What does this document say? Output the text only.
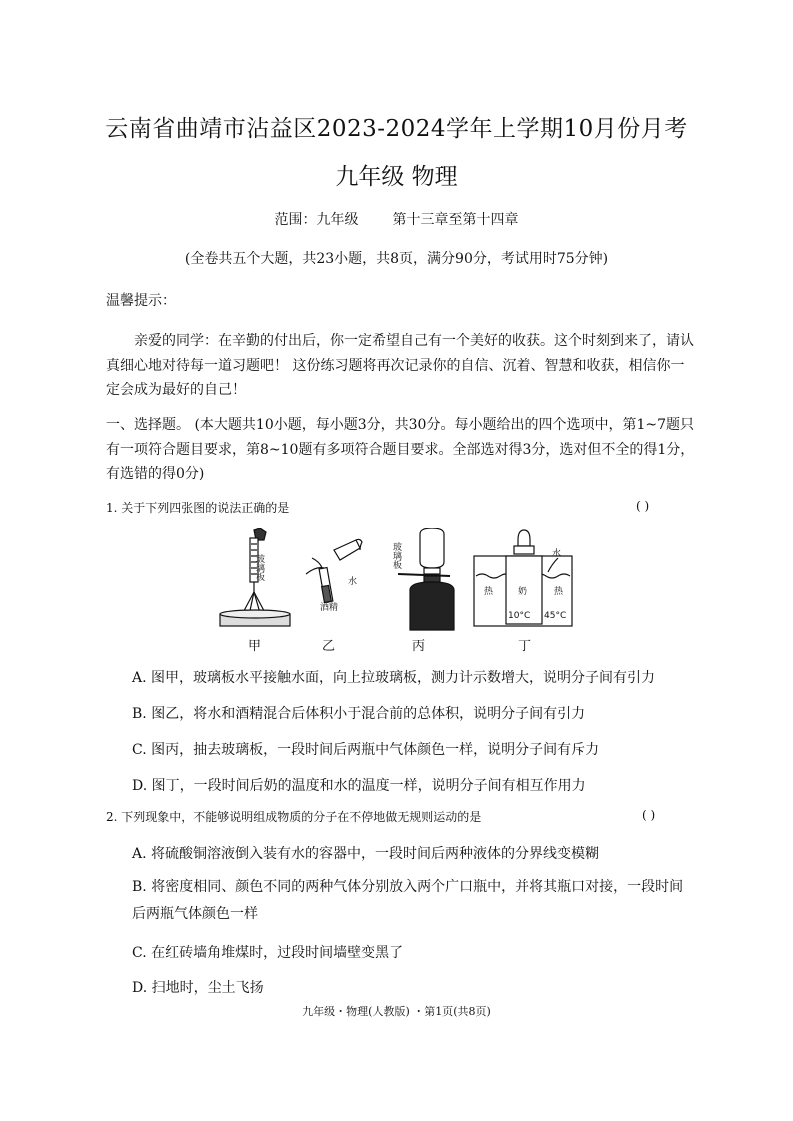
云南省曲靖市沾益区2023-2024学年上学期10月份月考
九年级 物理
范围：九年级 第十三章至第十四章
(全卷共五个大题，共23小题，共8页，满分90分，考试用时75分钟)
温馨提示：
亲爱的同学：在辛勤的付出后，你一定希望自己有一个美好的收获。这个时刻到来了，请认真细心地对待每一道习题吧！ 这份练习题将再次记录你的自信、沉着、智慧和收获，相信你一定会成为最好的自己！
一、选择题。 (本大题共10小题，每小题3分，共30分。每小题给出的四个选项中，第1~7题只有一项符合题目要求，第8~10题有多项符合题目要求。全部选对得3分，选对但不全的得1分，有选错的得0分)
1. 关于下列四张图的说法正确的是	( )
玻璃板
水
酒精
玻璃板	水
热	奶	热
10°C 45°C
甲	乙	丙	丁
A. 图甲，玻璃板水平接触水面，向上拉玻璃板，测力计示数增大，说明分子间有引力
B. 图乙，将水和酒精混合后体积小于混合前的总体积，说明分子间有引力
C. 图丙，抽去玻璃板，一段时间后两瓶中气体颜色一样，说明分子间有斥力
D. 图丁，一段时间后奶的温度和水的温度一样，说明分子间有相互作用力
2. 下列现象中，不能够说明组成物质的分子在不停地做无规则运动的是	( )
A. 将硫酸铜溶液倒入装有水的容器中，一段时间后两种液体的分界线变模糊
B. 将密度相同、颜色不同的两种气体分别放入两个广口瓶中，并将其瓶口对接，一段时间后两瓶气体颜色一样
C. 在红砖墙角堆煤时，过段时间墙壁变黑了
D. 扫地时，尘土飞扬
九年级・物理(人教版) ・第1页(共8页)
